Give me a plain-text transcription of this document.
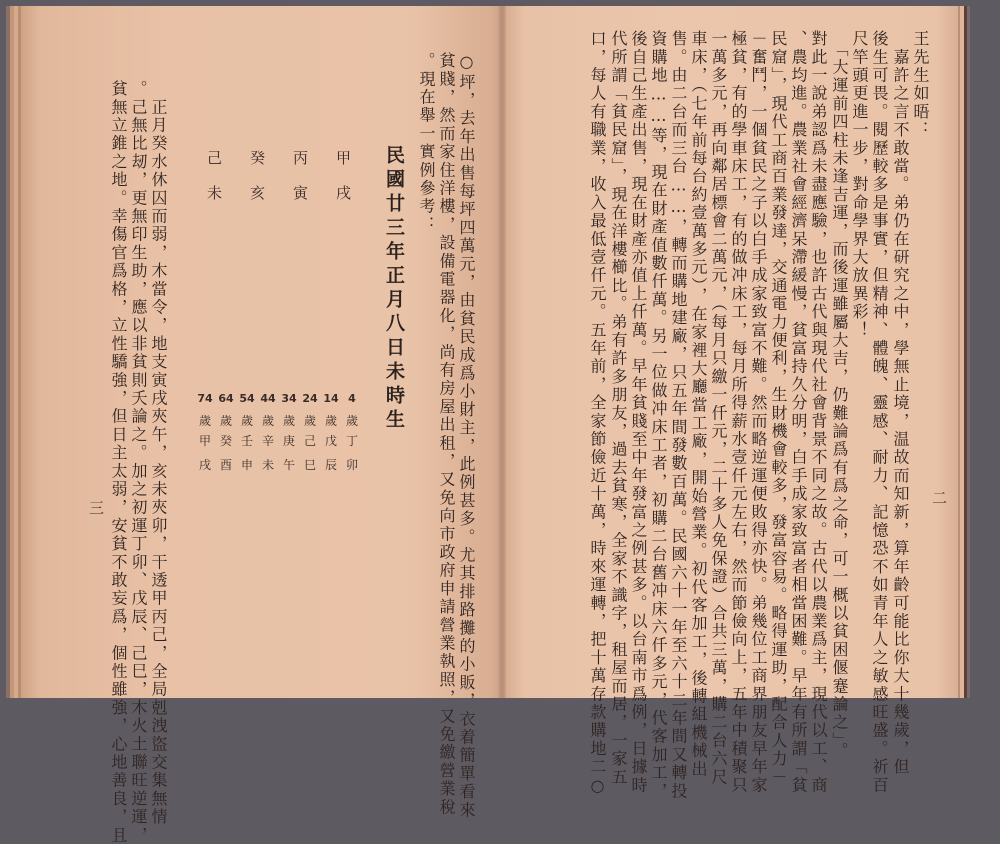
王先生如晤：
　嘉許之言不敢當。弟仍在研究之中，學無止境，温故而知新，算年齡可能比你大十幾歲，但
後生可畏。閱歷較多是事實，但精神、體魄、靈感、耐力、記憶恐不如青年人之敏感旺盛。祈百
尺竿頭更進一步，對命學界大放異彩！
　「大運前四柱未逢吉運，而後運雖屬大吉，仍難論爲有爲之命，可一概以貧困偃蹇論之」。
對此一說弟認爲未盡應驗，也許古代與現代社會背景不同之故。古代以農業爲主，現代以工、商
、農均進。農業社會經濟呆滯緩慢，貧富持久分明，白手成家致富者相當困難。早年有所謂「貧
民窟」，現代工商百業發達，交通電力便利，生財機會較多，發富容易。略得運助，配合人力－
－奮鬥，一個貧民之子以白手成家致富不難。然而略逆運便敗得亦快。弟幾位工商界朋友早年家
極貧，有的學車床工，有的做冲床工，每月所得薪水壹仟元左右，然而節儉向上，五年中積聚只
一萬多元，再向鄰居標會二萬元，（每月只繳一仟元，二十多人免保證）合共三萬，購二台六尺
車床，（七年前每台約壹萬多元），在家裡大廳當工廠，開始營業。初代客加工，後轉組機械出
售。由二台而三台……，轉而購地建廠，只五年間發數百萬。民國六十一年至六十二年間又轉投
資購地……等，現在財產值數仟萬。另一位做冲床工者，初購二台舊冲床六仟多元，代客加工，
後自己生產出售，現在財產亦值上仟萬。早年貧賤至中年發富之例甚多。以台南市爲例，日據時
代所謂「貧民窟」，現在洋樓櫛比。弟有許多朋友，過去貧寒，全家不識字，租屋而居，一家五
口，每人有職業，收入最低壹仟元。五年前，全家節儉近十萬，時來運轉，把十萬存款購地二○	二
○坪，去年出售每坪四萬元，由貧民成爲小財主，此例甚多。尤其排路攤的小販，衣着簡單看來
貧賤，然而家住洋樓，設備電器化，尚有房屋出租，又免向市政府申請營業執照，又免繳營業稅
。現在舉一實例參考：
民國廿三年正月八日未時生
甲戌
丙寅
癸亥
己未
4
歲
丁
卯
14
歲
戊
辰
24
歲
己
巳
34
歲
庚
午
44
歲
辛
未
54
歲
壬
申
64
歲
癸
酉
74
歲
甲
戌
　正月癸水休囚而弱，木當令，地支寅戌夾午，亥未夾卯，干透甲丙己，全局剋洩盜交集無情
。己無比刼，更無印生助，應以非貧則夭論之。加之初運丁卯、戊辰、己巳，木火土聯旺逆運，
貧無立錐之地。幸傷官爲格，立性驕強，但日主太弱，安貧不敢妄爲，個性雖強，心地善良，且
三
